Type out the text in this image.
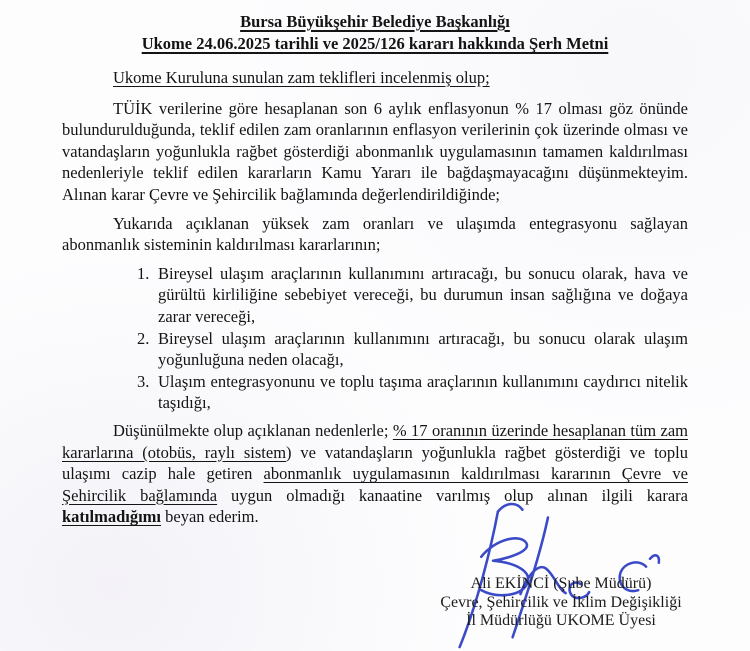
Bursa Büyükşehir Belediye Başkanlığı
Ukome 24.06.2025 tarihli ve 2025/126 kararı hakkında Şerh Metni
Ukome Kuruluna sunulan zam teklifleri incelenmiş olup;

TÜİK verilerine göre hesaplanan son 6 aylık enflasyonun % 17 olması göz önünde bulundurulduğunda, teklif edilen zam oranlarının enflasyon verilerinin çok üzerinde olması ve vatandaşların yoğunlukla rağbet gösterdiği abonmanlık uygulamasının tamamen kaldırılması nedenleriyle teklif edilen kararların Kamu Yararı ile bağdaşmayacağını düşünmekteyim. Alınan karar Çevre ve Şehircilik bağlamında değerlendirildiğinde;

Yukarıda açıklanan yüksek zam oranları ve ulaşımda entegrasyonu sağlayan abonmanlık sisteminin kaldırılması kararlarının;

1. Bireysel ulaşım araçlarının kullanımını artıracağı, bu sonucu olarak, hava ve gürültü kirliliğine sebebiyet vereceği, bu durumun insan sağlığına ve doğaya zarar vereceği,
2. Bireysel ulaşım araçlarının kullanımını artıracağı, bu sonucu olarak ulaşım yoğunluğuna neden olacağı,
3. Ulaşım entegrasyonunu ve toplu taşıma araçlarının kullanımını caydırıcı nitelik taşıdığı,

Düşünülmekte olup açıklanan nedenlerle; % 17 oranının üzerinde hesaplanan tüm zam kararlarına (otobüs, raylı sistem) ve vatandaşların yoğunlukla rağbet gösterdiği ve toplu ulaşımı cazip hale getiren abonmanlık uygulamasının kaldırılması kararının Çevre ve Şehircilik bağlamında uygun olmadığı kanaatine varılmış olup alınan ilgili karara katılmadığımı beyan ederim.

Ali EKİNCİ (Şube Müdürü)
Çevre, Şehircilik ve İklim Değişikliği
İl Müdürlüğü UKOME Üyesi
